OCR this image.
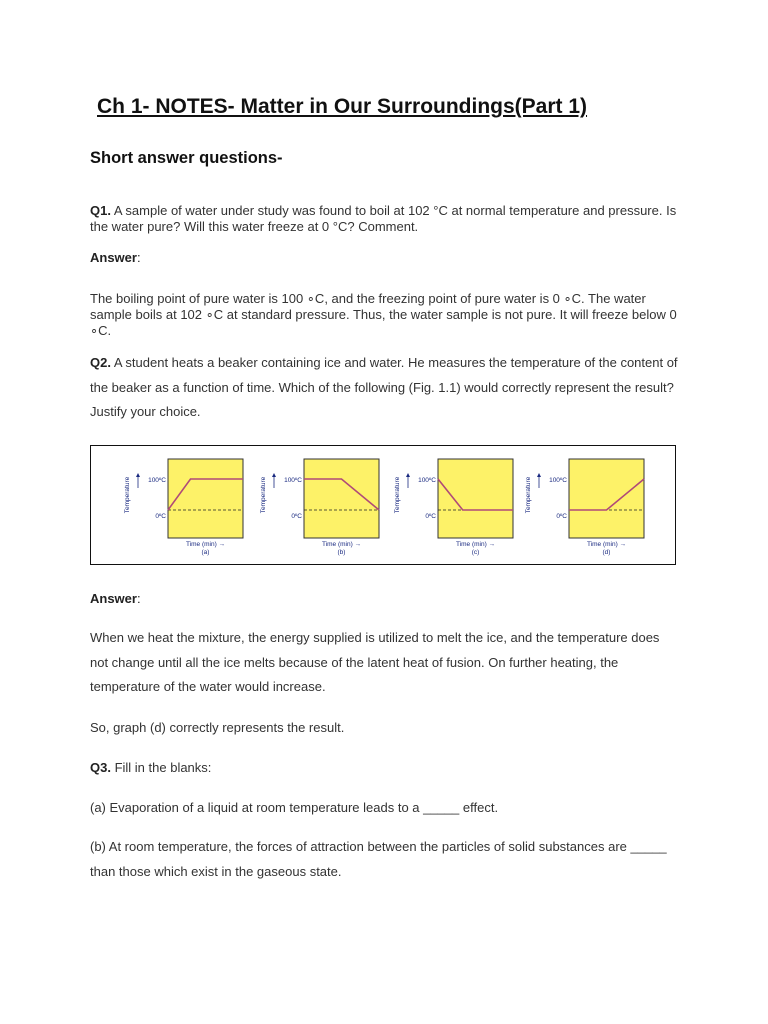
Ch 1- NOTES- Matter in Our Surroundings(Part 1)
Short answer questions-
Q1. A sample of water under study was found to boil at 102 °C at normal temperature and pressure. Is the water pure? Will this water freeze at 0 °C? Comment.
Answer:
The boiling point of pure water is 100 ∘C, and the freezing point of pure water is 0 ∘C. The water sample boils at 102 ∘C at standard pressure. Thus, the water sample is not pure. It will freeze below 0 ∘C.
Q2. A student heats a beaker containing ice and water. He measures the temperature of the content of the beaker as a function of time. Which of the following (Fig. 1.1) would correctly represent the result? Justify your choice.
Temperature	100ºC
0ºC
Time (min) →
(a)
Temperature	100ºC
0ºC
Time (min) →
(b)
Temperature	100ºC
0ºC
Time (min) →
(c)
Temperature	100ºC
0ºC
Time (min) →
(d)
Answer:
When we heat the mixture, the energy supplied is utilized to melt the ice, and the temperature does not change until all the ice melts because of the latent heat of fusion. On further heating, the temperature of the water would increase.
So, graph (d) correctly represents the result.
Q3. Fill in the blanks:
(a) Evaporation of a liquid at room temperature leads to a _____ effect.
(b) At room temperature, the forces of attraction between the particles of solid substances are _____ than those which exist in the gaseous state.
